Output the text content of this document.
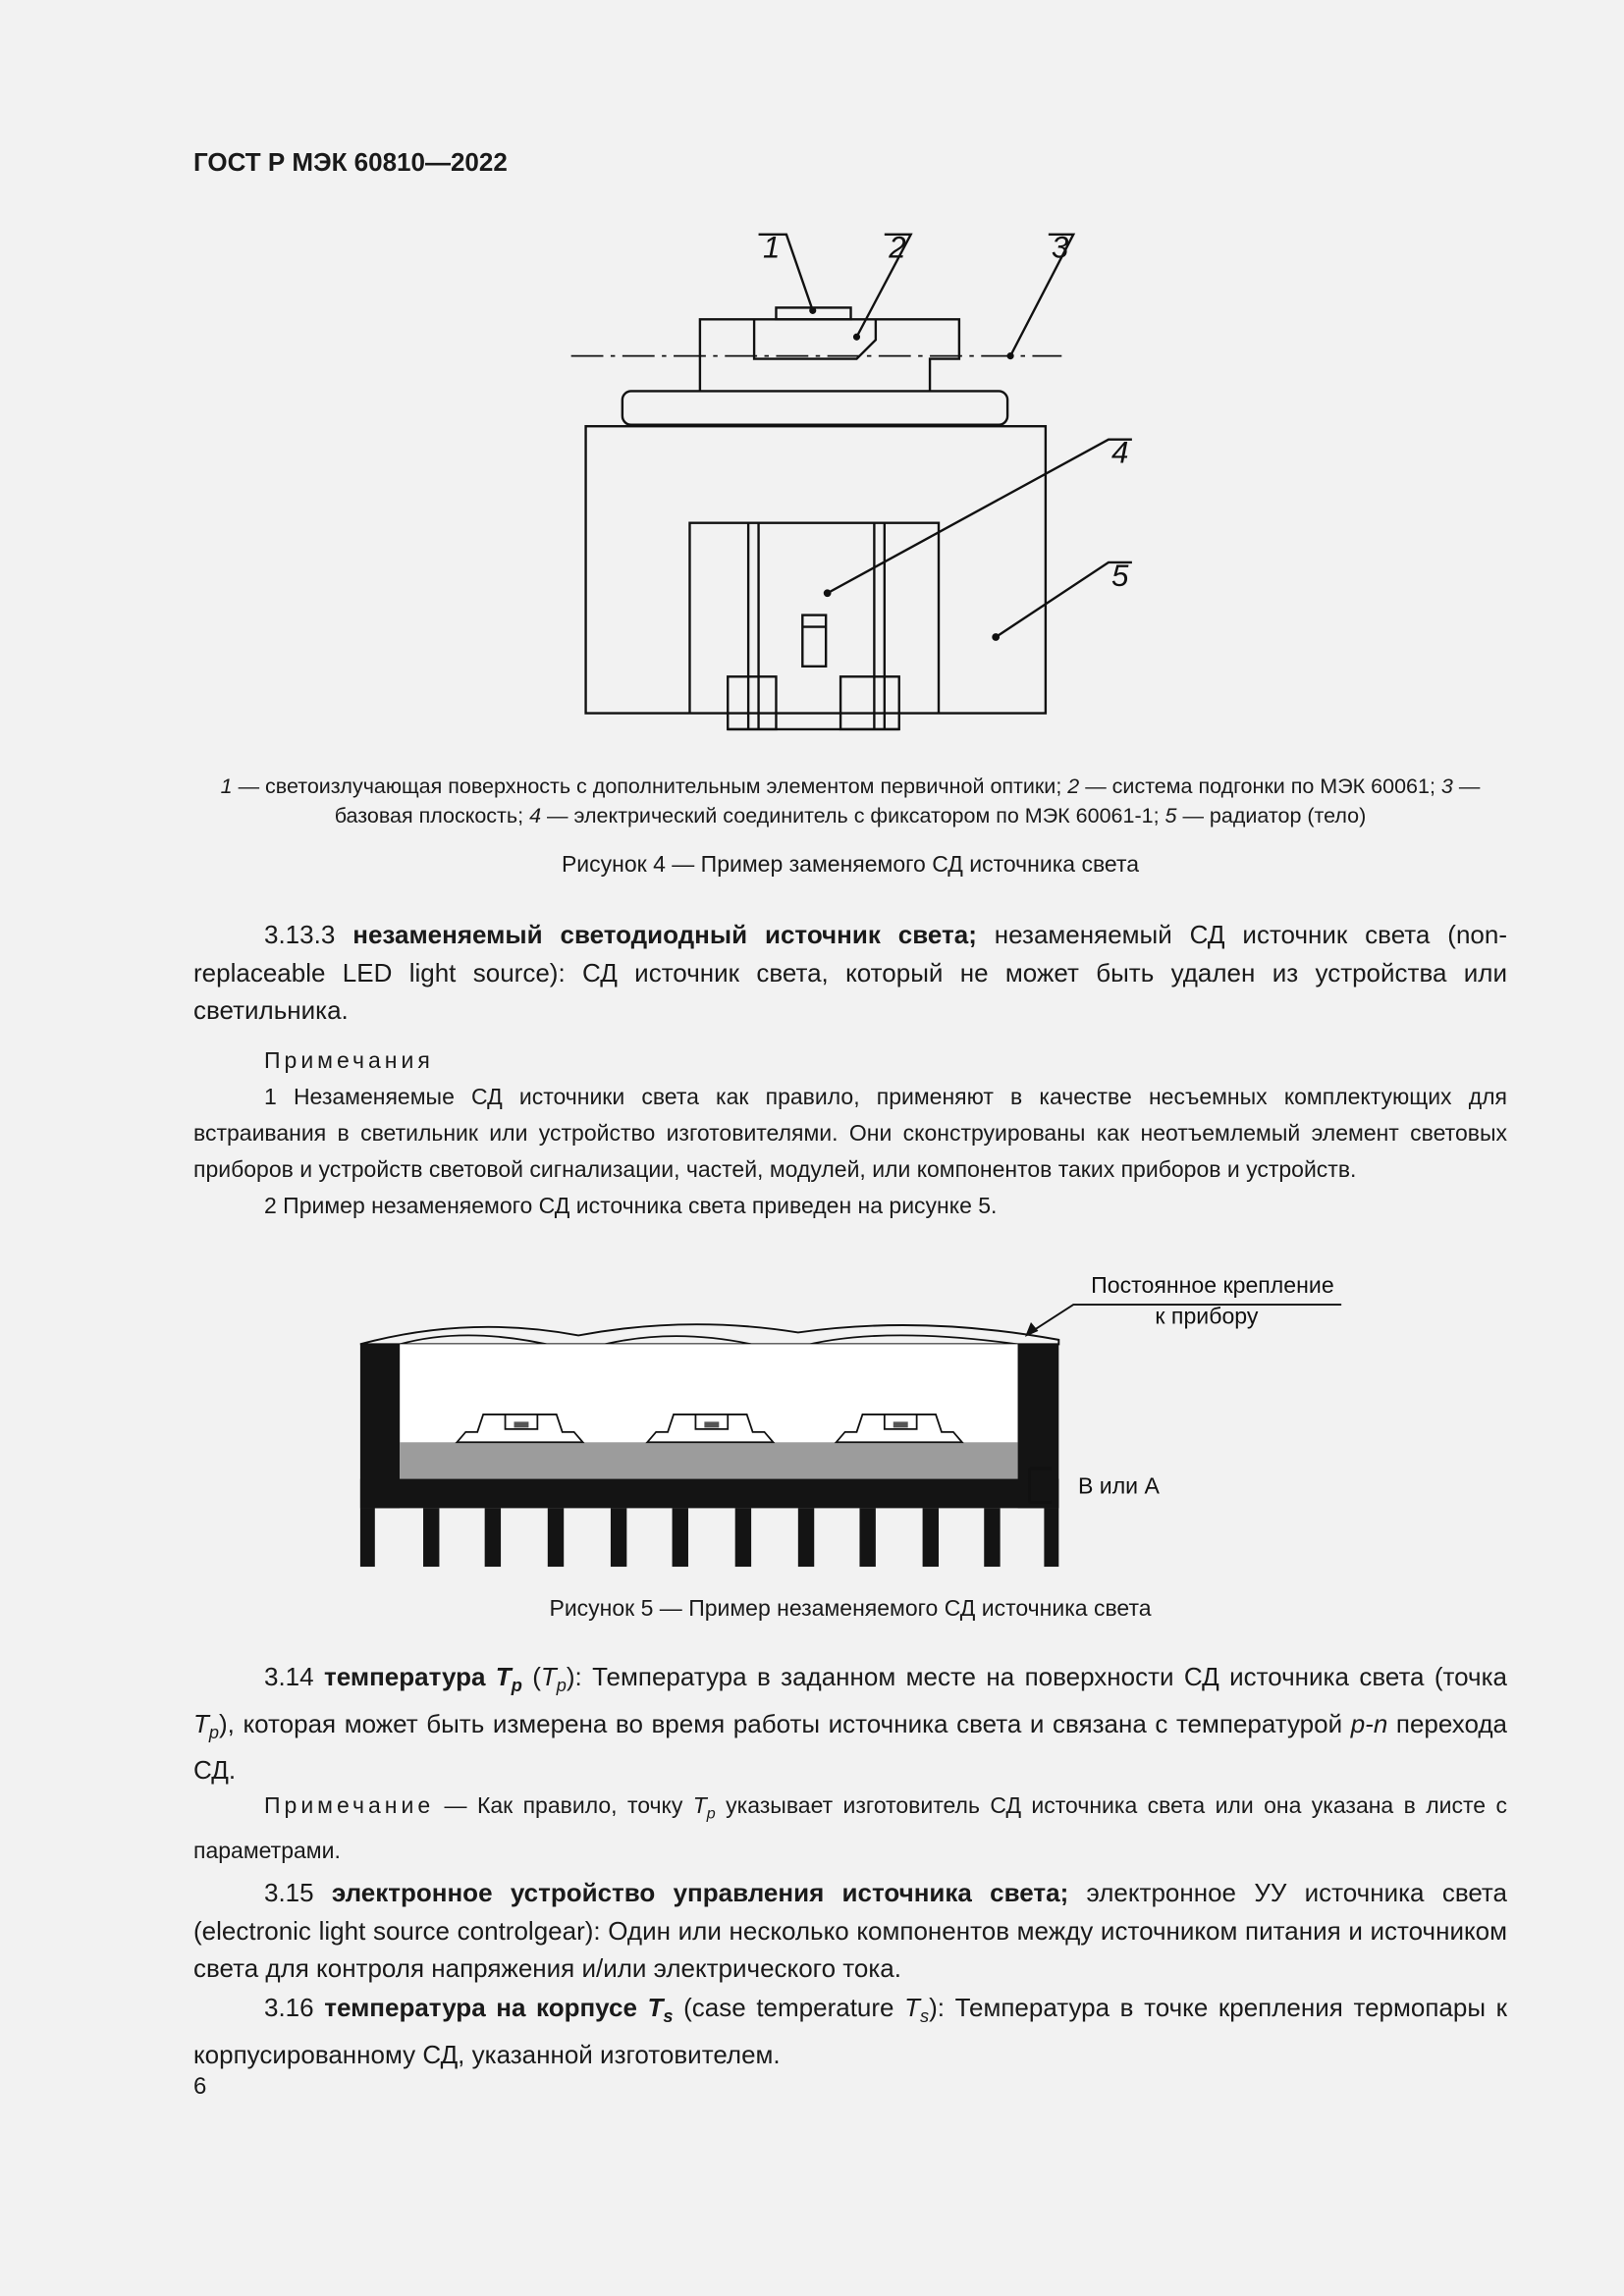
ГОСТ Р МЭК 60810—2022
1	2	3
4
5
Постоянное крепление
к прибору
В или А
1 — светоизлучающая поверхность с дополнительным элементом первичной оптики; 2 — система подгонки по МЭК 60061; 3 — базовая плоскость; 4 — электрический соединитель с фиксатором по МЭК 60061-1; 5 — радиатор (тело)
Рисунок 4 — Пример заменяемого СД источника света
3.13.3 незаменяемый светодиодный источник света; незаменяемый СД источник света (non-replaceable LED light source): СД источник света, который не может быть удален из устройства или светильника.
Примечания
1 Незаменяемые СД источники света как правило, применяют в качестве несъемных комплектующих для встраивания в светильник или устройство изготовителями. Они сконструированы как неотъемлемый элемент световых приборов и устройств световой сигнализации, частей, модулей, или компонентов таких приборов и устройств.
2 Пример незаменяемого СД источника света приведен на рисунке 5.
Рисунок 5 — Пример незаменяемого СД источника света
3.14 температура $T_p$ $(T_p)$: Температура в заданном месте на поверхности СД источника света (точка $T_p$), которая может быть измерена во время работы источника света и связана с температурой p-n перехода СД.
Примечание — Как правило, точку $T_p$ указывает изготовитель СД источника света или она указана в листе с параметрами.
3.15 электронное устройство управления источника света; электронное УУ источника света (electronic light source controlgear): Один или несколько компонентов между источником питания и источником света для контроля напряжения и/или электрического тока.
3.16 температура на корпусе $T_s$ (case temperature $T_s$): Температура в точке крепления термопары к корпусированному СД, указанной изготовителем.
6
